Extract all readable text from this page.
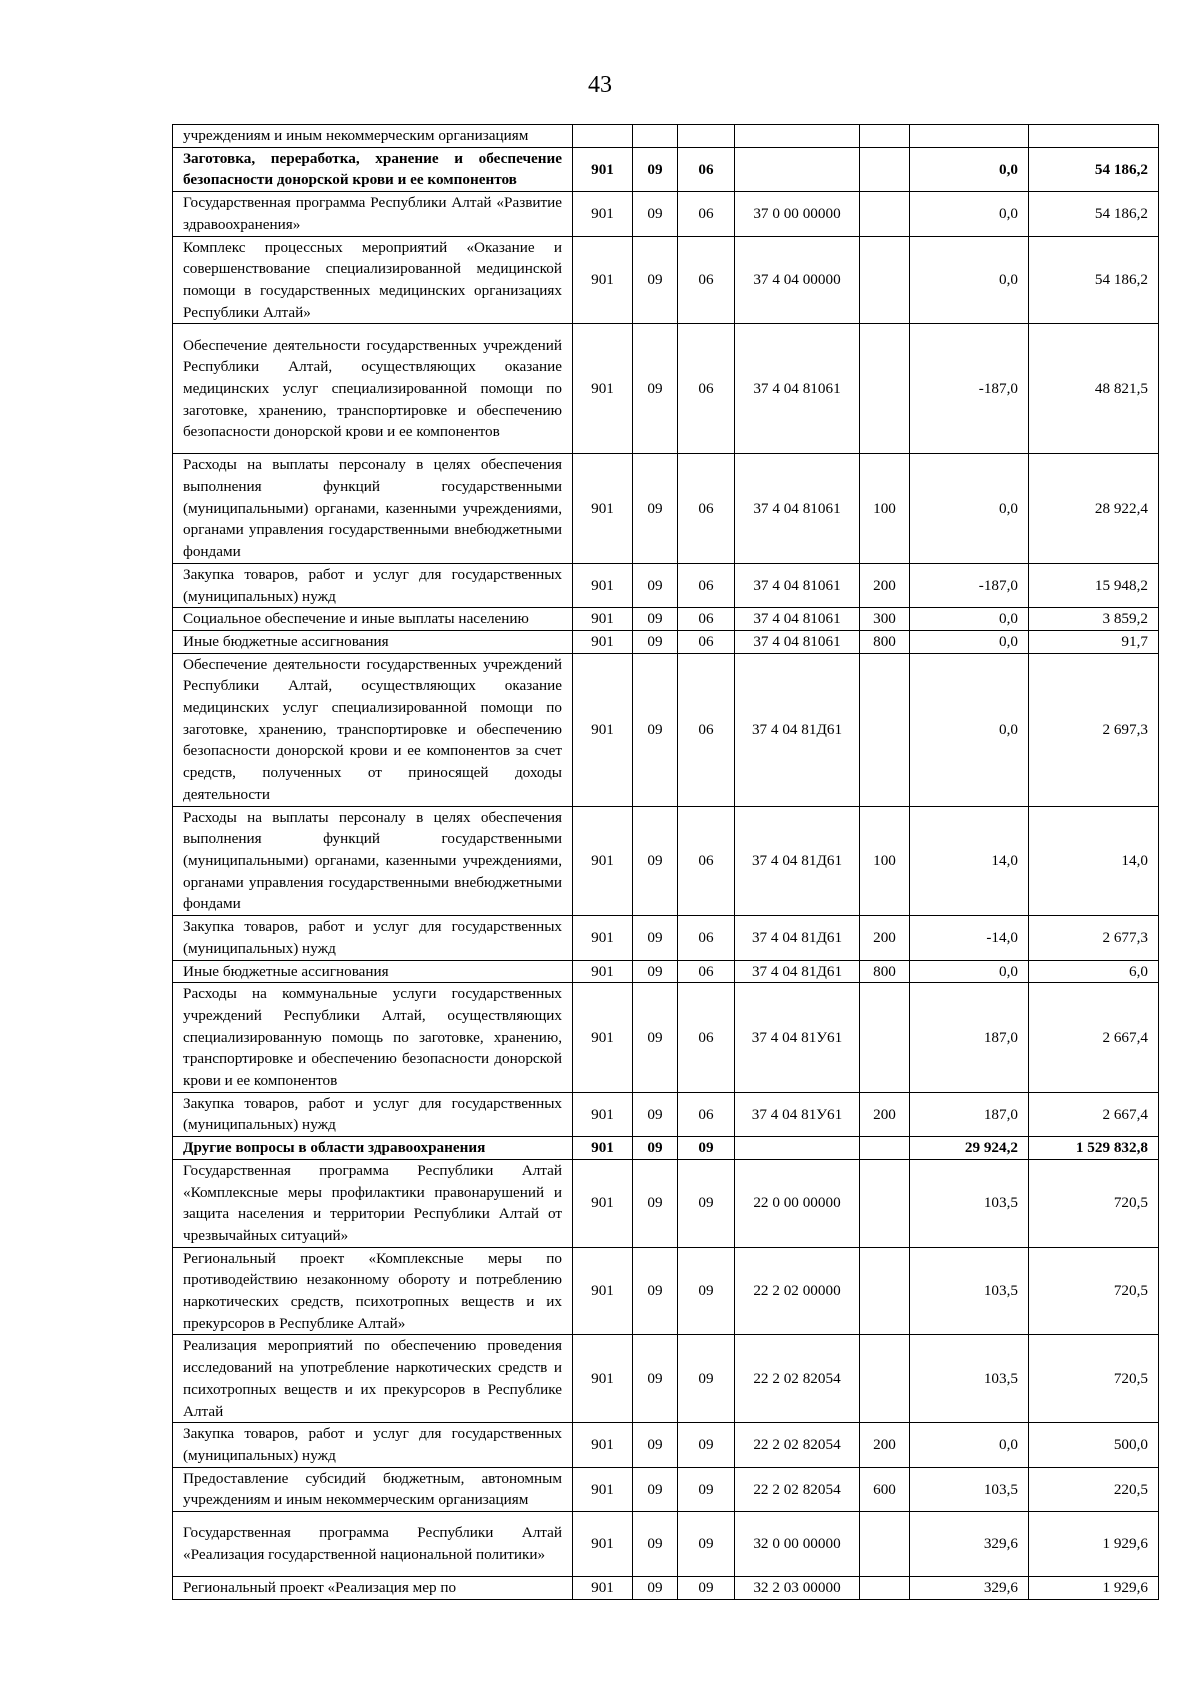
43
учреждениям и иным некоммерческим организациям							
Заготовка, переработка, хранение и обеспечение безопасности донорской крови и ее компонентов	901	09	06			0,0	54 186,2
Государственная программа Республики Алтай «Развитие здравоохранения»	901	09	06	37 0 00 00000		0,0	54 186,2
Комплекс процессных мероприятий «Оказание и совершенствование специализированной медицинской помощи в государственных медицинских организациях Республики Алтай»	901	09	06	37 4 04 00000		0,0	54 186,2
Обеспечение деятельности государственных учреждений Республики Алтай, осуществляющих оказание медицинских услуг специализированной помощи по заготовке, хранению, транспортировке и обеспечению безопасности донорской крови и ее компонентов	901	09	06	37 4 04 81061		-187,0	48 821,5
Расходы на выплаты персоналу в целях обеспечения выполнения функций государственными (муниципальными) органами, казенными учреждениями, органами управления государственными внебюджетными фондами	901	09	06	37 4 04 81061	100	0,0	28 922,4
Закупка товаров, работ и услуг для государственных (муниципальных) нужд	901	09	06	37 4 04 81061	200	-187,0	15 948,2
Социальное обеспечение и иные выплаты населению	901	09	06	37 4 04 81061	300	0,0	3 859,2
Иные бюджетные ассигнования	901	09	06	37 4 04 81061	800	0,0	91,7
Обеспечение деятельности государственных учреждений Республики Алтай, осуществляющих оказание медицинских услуг специализированной помощи по заготовке, хранению, транспортировке и обеспечению безопасности донорской крови и ее компонентов за счет средств, полученных от приносящей доходы деятельности	901	09	06	37 4 04 81Д61		0,0	2 697,3
Расходы на выплаты персоналу в целях обеспечения выполнения функций государственными (муниципальными) органами, казенными учреждениями, органами управления государственными внебюджетными фондами	901	09	06	37 4 04 81Д61	100	14,0	14,0
Закупка товаров, работ и услуг для государственных (муниципальных) нужд	901	09	06	37 4 04 81Д61	200	-14,0	2 677,3
Иные бюджетные ассигнования	901	09	06	37 4 04 81Д61	800	0,0	6,0
Расходы на коммунальные услуги государственных учреждений Республики Алтай, осуществляющих специализированную помощь по заготовке, хранению, транспортировке и обеспечению безопасности донорской крови и ее компонентов	901	09	06	37 4 04 81У61		187,0	2 667,4
Закупка товаров, работ и услуг для государственных (муниципальных) нужд	901	09	06	37 4 04 81У61	200	187,0	2 667,4
Другие вопросы в области здравоохранения	901	09	09			29 924,2	1 529 832,8
Государственная программа Республики Алтай «Комплексные меры профилактики правонарушений и защита населения и территории Республики Алтай от чрезвычайных ситуаций»	901	09	09	22 0 00 00000		103,5	720,5
Региональный проект «Комплексные меры по противодействию незаконному обороту и потреблению наркотических средств, психотропных веществ и их прекурсоров в Республике Алтай»	901	09	09	22 2 02 00000		103,5	720,5
Реализация мероприятий по обеспечению проведения исследований на употребление наркотических средств и психотропных веществ и их прекурсоров в Республике Алтай	901	09	09	22 2 02 82054		103,5	720,5
Закупка товаров, работ и услуг для государственных (муниципальных) нужд	901	09	09	22 2 02 82054	200	0,0	500,0
Предоставление субсидий бюджетным, автономным учреждениям и иным некоммерческим организациям	901	09	09	22 2 02 82054	600	103,5	220,5
Государственная программа Республики Алтай «Реализация государственной национальной политики»	901	09	09	32 0 00 00000		329,6	1 929,6
Региональный проект «Реализация мер по	901	09	09	32 2 03 00000		329,6	1 929,6
